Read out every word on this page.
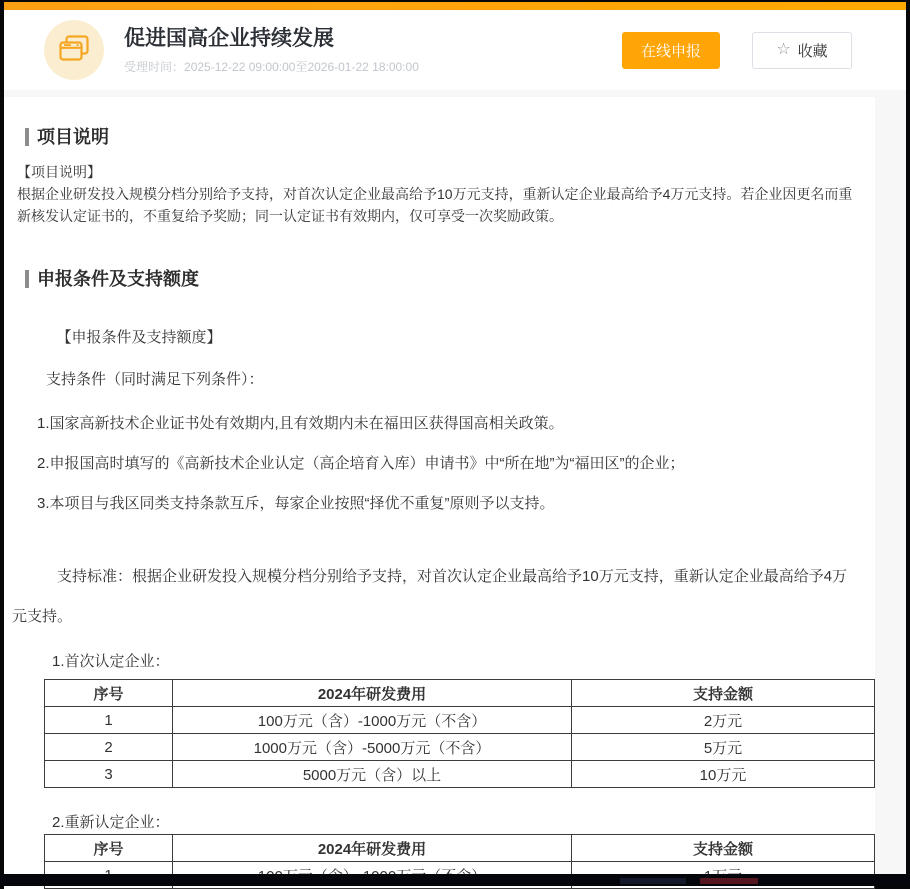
促进国高企业持续发展
受理时间：2025-12-22 09:00:00至2026-01-22 18:00:00
在线申报	☆ 收藏
项目说明
【项目说明】
根据企业研发投入规模分档分别给予支持，对首次认定企业最高给予10万元支持，重新认定企业最高给予4万元支持。若企业因更名而重新核发认定证书的，不重复给予奖励；同一认定证书有效期内，仅可享受一次奖励政策。
申报条件及支持额度

【申报条件及支持额度】

支持条件（同时满足下列条件）：

1.国家高新技术企业证书处有效期内,且有效期内未在福田区获得国高相关政策。

2.申报国高时填写的《高新技术企业认定（高企培育入库）申请书》中“所在地”为“福田区”的企业；

3.本项目与我区同类支持条款互斥，每家企业按照“择优不重复”原则予以支持。

支持标准：根据企业研发投入规模分档分别给予支持，对首次认定企业最高给予10万元支持，重新认定企业最高给予4万元支持。

1.首次认定企业：

序号	2024年研发费用	支持金额
1	100万元（含）-1000万元（不含）	2万元
2	1000万元（含）-5000万元（不含）	5万元
3	5000万元（含）以上	10万元

2.重新认定企业：

序号	2024年研发费用	支持金额
